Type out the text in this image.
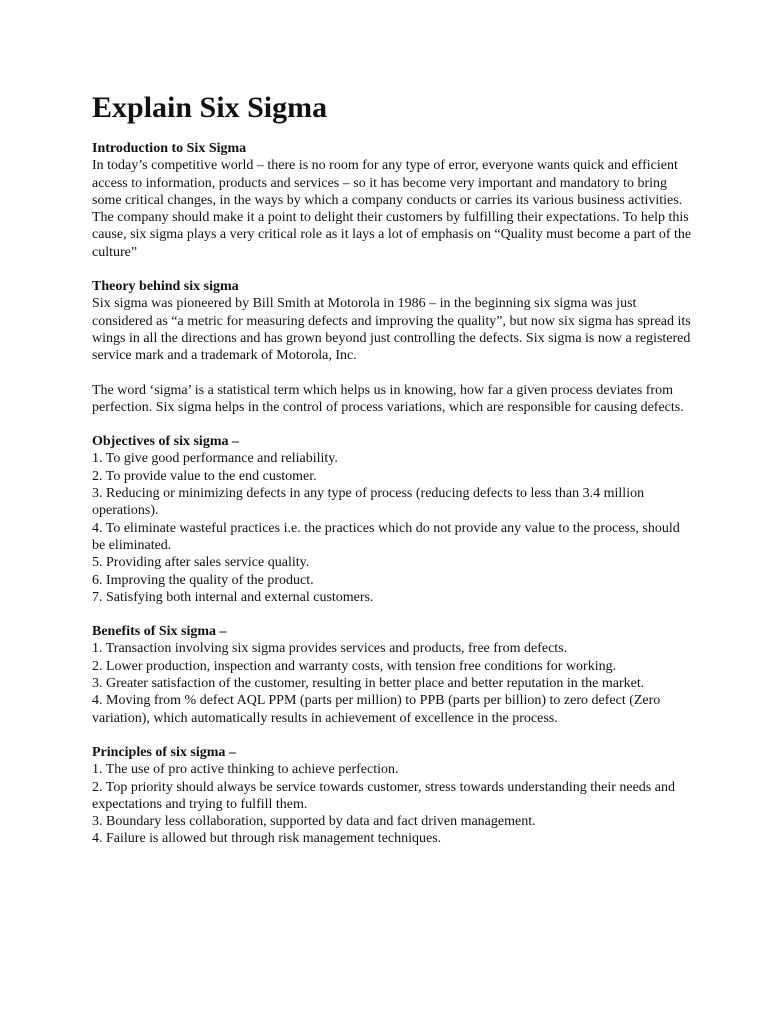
Explain Six Sigma

Introduction to Six Sigma

In today’s competitive world – there is no room for any type of error, everyone wants quick and efficient access to information, products and services – so it has become very important and mandatory to bring some critical changes, in the ways by which a company conducts or carries its various business activities. The company should make it a point to delight their customers by fulfilling their expectations. To help this cause, six sigma plays a very critical role as it lays a lot of emphasis on “Quality must become a part of the culture”

Theory behind six sigma

Six sigma was pioneered by Bill Smith at Motorola in 1986 – in the beginning six sigma was just considered as “a metric for measuring defects and improving the quality”, but now six sigma has spread its wings in all the directions and has grown beyond just controlling the defects. Six sigma is now a registered service mark and a trademark of Motorola, Inc.

The word ‘sigma’ is a statistical term which helps us in knowing, how far a given process deviates from perfection. Six sigma helps in the control of process variations, which are responsible for causing defects.

Objectives of six sigma –

1. To give good performance and reliability.
2. To provide value to the end customer.
3. Reducing or minimizing defects in any type of process (reducing defects to less than 3.4 million operations).
4. To eliminate wasteful practices i.e. the practices which do not provide any value to the process, should be eliminated.
5. Providing after sales service quality.
6. Improving the quality of the product.
7. Satisfying both internal and external customers.

Benefits of Six sigma –

1. Transaction involving six sigma provides services and products, free from defects.
2. Lower production, inspection and warranty costs, with tension free conditions for working.
3. Greater satisfaction of the customer, resulting in better place and better reputation in the market.
4. Moving from % defect AQL PPM (parts per million) to PPB (parts per billion) to zero defect (Zero variation), which automatically results in achievement of excellence in the process.

Principles of six sigma –

1. The use of pro active thinking to achieve perfection.
2. Top priority should always be service towards customer, stress towards understanding their needs and expectations and trying to fulfill them.
3. Boundary less collaboration, supported by data and fact driven management.
4. Failure is allowed but through risk management techniques.
